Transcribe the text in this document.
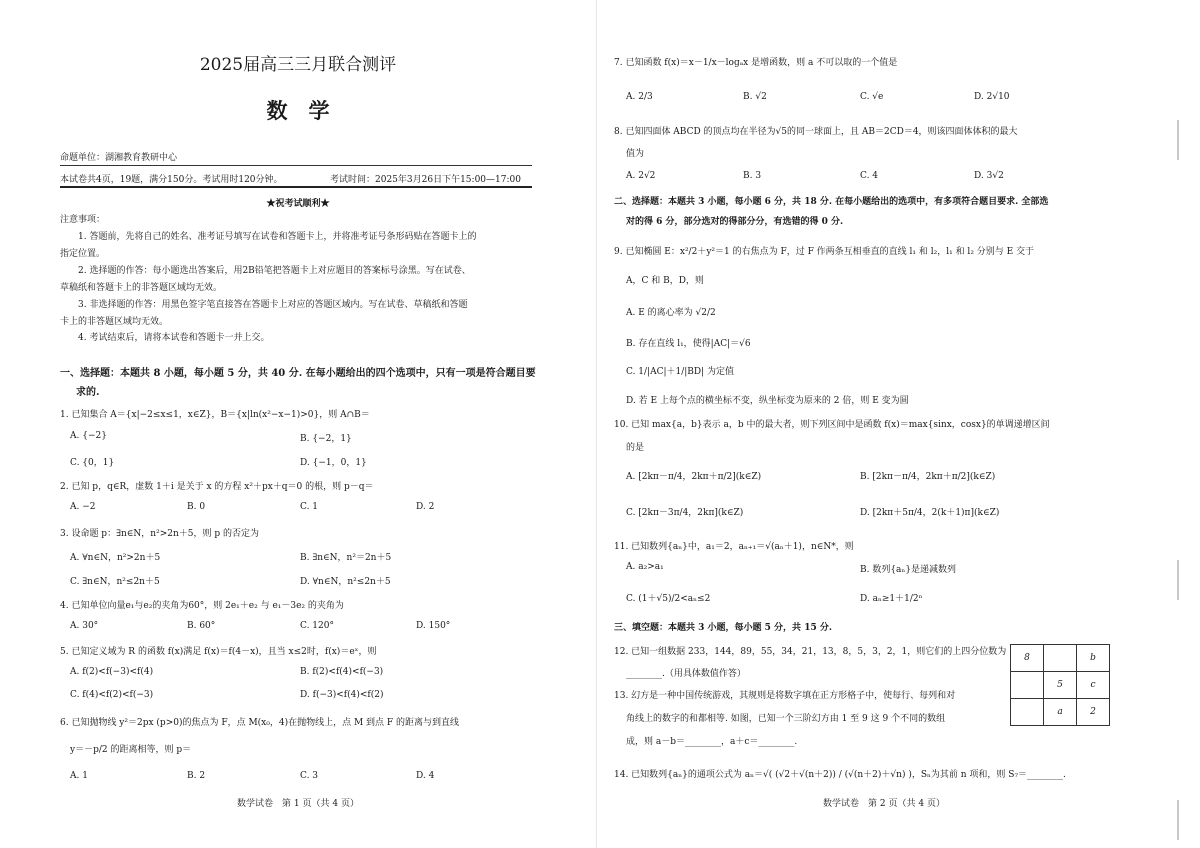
2025届高三三月联合测评
数　学
命题单位：湖湘教育教研中心
本试卷共4页，19题，满分150分。考试用时120分钟。	考试时间：2025年3月26日下午15:00—17:00
★祝考试顺利★
注意事项：
1. 答题前，先将自己的姓名、准考证号填写在试卷和答题卡上，并将准考证号条形码贴在答题卡上的
指定位置。
2. 选择题的作答：每小题选出答案后，用2B铅笔把答题卡上对应题目的答案标号涂黑。写在试卷、
草稿纸和答题卡上的非答题区域均无效。
3. 非选择题的作答：用黑色签字笔直接答在答题卡上对应的答题区域内。写在试卷、草稿纸和答题
卡上的非答题区域均无效。
4. 考试结束后，请将本试卷和答题卡一并上交。
一、选择题：本题共 8 小题，每小题 5 分，共 40 分. 在每小题给出的四个选项中，只有一项是符合题目要
求的.
1. 已知集合 A＝{x|−2≤x≤1，x∈Z}，B＝{x|ln(x²−x−1)>0}，则 A∩B＝
A. {−2}	B. {−2，1}
C. {0，1}	D. {−1，0，1}
2. 已知 p，q∈R，虚数 1＋i 是关于 x 的方程 x²＋px＋q＝0 的根，则 p－q＝
A. −2	B. 0	C. 1	D. 2
3. 设命题 p：∃n∈N，n²>2n＋5，则 p 的否定为
A. ∀n∈N，n²>2n＋5	B. ∃n∈N，n²＝2n＋5
C. ∃n∈N，n²≤2n＋5	D. ∀n∈N，n²≤2n＋5
4. 已知单位向量e₁与e₂的夹角为60°，则 2e₁＋e₂ 与 e₁－3e₂ 的夹角为
A. 30°	B. 60°	C. 120°	D. 150°
5. 已知定义域为 R 的函数 f(x)满足 f(x)＝f(4－x)，且当 x≤2时，f(x)＝eˣ，则
A. f(2)<f(−3)<f(4)	B. f(2)<f(4)<f(−3)
C. f(4)<f(2)<f(−3)	D. f(−3)<f(4)<f(2)
6. 已知抛物线 y²＝2px (p>0)的焦点为 F，点 M(x₀，4)在抛物线上，点 M 到点 F 的距离与到直线
y＝－p/2 的距离相等，则 p＝
A. 1	B. 2	C. 3	D. 4
数学试卷　第 1 页（共 4 页）
7. 已知函数 f(x)＝x－1/x－logₐx 是增函数，则 a 不可以取的一个值是
A. 2/3	B. √2	C. √e	D. 2√10
8. 已知四面体 ABCD 的顶点均在半径为√5的同一球面上，且 AB＝2CD＝4，则该四面体体积的最大
值为
A. 2√2	B. 3	C. 4	D. 3√2
二、选择题：本题共 3 小题，每小题 6 分，共 18 分. 在每小题给出的选项中，有多项符合题目要求. 全部选
对的得 6 分，部分选对的得部分分，有选错的得 0 分.
9. 已知椭圆 E：x²/2＋y²＝1 的右焦点为 F，过 F 作两条互相垂直的直线 l₁ 和 l₂，l₁ 和 l₂ 分别与 E 交于
A，C 和 B，D，则
A. E 的离心率为 √2/2
B. 存在直线 l₁，使得|AC|＝√6
C. 1/|AC|＋1/|BD| 为定值
D. 若 E 上每个点的横坐标不变，纵坐标变为原来的 2 倍，则 E 变为圆
10. 已知 max{a，b}表示 a，b 中的最大者，则下列区间中是函数 f(x)＝max{sinx，cosx}的单调递增区间
的是
A. [2kπ－π/4，2kπ＋π/2](k∈Z)	B. [2kπ－π/4，2kπ＋π/2](k∈Z)
C. [2kπ－3π/4，2kπ](k∈Z)	D. [2kπ＋5π/4，2(k＋1)π](k∈Z)
11. 已知数列{aₙ}中，a₁＝2，aₙ₊₁＝√(aₙ＋1)，n∈N*，则
A. a₂>a₁	B. 数列{aₙ}是递减数列
C. (1＋√5)/2<aₙ≤2	D. aₙ≥1＋1/2ⁿ
三、填空题：本题共 3 小题，每小题 5 分，共 15 分.
12. 已知一组数据 233，144，89，55，34，21，13，8，5，3，2，1，则它们的上四分位数为
________.（用具体数值作答）
13. 幻方是一种中国传统游戏，其规则是将数字填在正方形格子中，使每行、每列和对
角线上的数字的和都相等. 如图，已知一个三阶幻方由 1 至 9 这 9 个不同的数组
成，则 a－b＝________，a＋c＝________.
8		b
	5	c
	a	2
14. 已知数列{aₙ}的通项公式为 aₙ＝√( (√2＋√(n＋2)) / (√(n＋2)＋√n) )，Sₙ为其前 n 项和，则 S₇＝________.
数学试卷　第 2 页（共 4 页）
